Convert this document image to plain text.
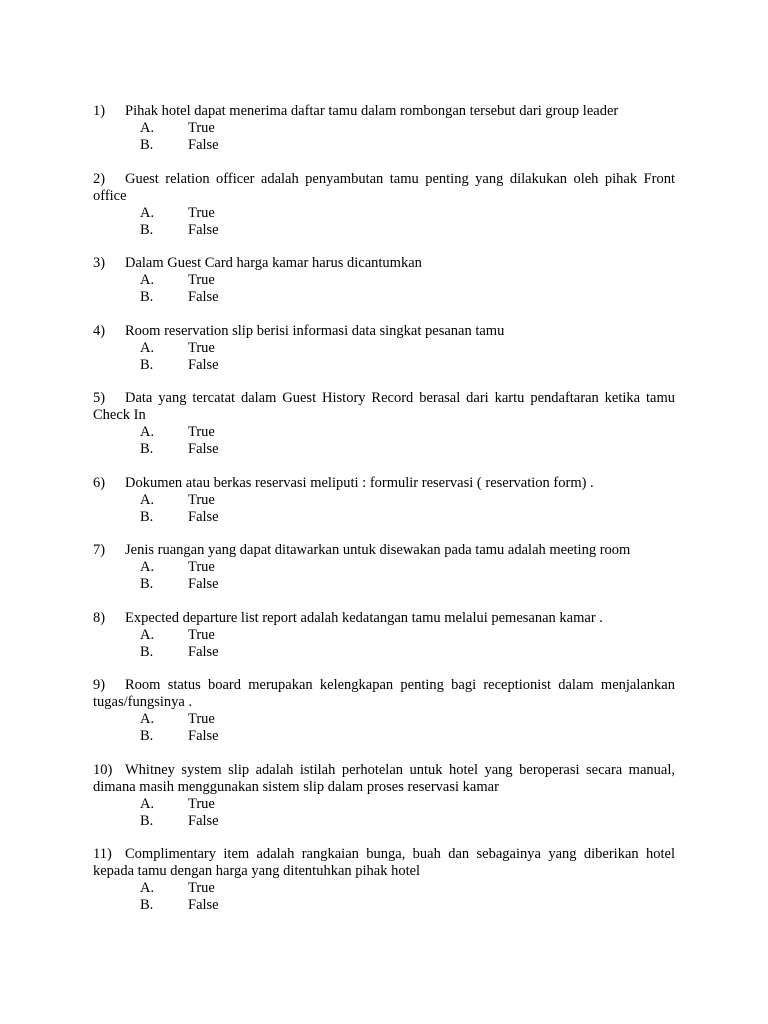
1) Pihak hotel dapat menerima daftar tamu dalam rombongan tersebut dari group leader
A.	True
B.	False
2) Guest relation officer adalah penyambutan tamu penting yang dilakukan oleh pihak Front office
A.	True
B.	False
3) Dalam Guest Card harga kamar harus dicantumkan
A.	True
B.	False
4) Room reservation slip berisi informasi data singkat pesanan tamu
A.	True
B.	False
5) Data yang tercatat dalam Guest History Record berasal dari kartu pendaftaran ketika tamu Check In
A.	True
B.	False
6) Dokumen atau berkas reservasi meliputi : formulir reservasi ( reservation form) .
A.	True
B.	False
7) Jenis ruangan yang dapat ditawarkan untuk disewakan pada tamu adalah meeting room
A.	True
B.	False
8) Expected departure list report adalah kedatangan tamu melalui pemesanan kamar .
A.	True
B.	False
9) Room status board merupakan kelengkapan penting bagi receptionist dalam menjalankan tugas/fungsinya .
A.	True
B.	False
10) Whitney system slip adalah istilah perhotelan untuk hotel yang beroperasi secara manual, dimana masih menggunakan sistem slip dalam proses reservasi kamar
A.	True
B.	False
11) Complimentary item adalah rangkaian bunga, buah dan sebagainya yang diberikan hotel kepada tamu dengan harga yang ditentuhkan pihak hotel
A.	True
B.	False
